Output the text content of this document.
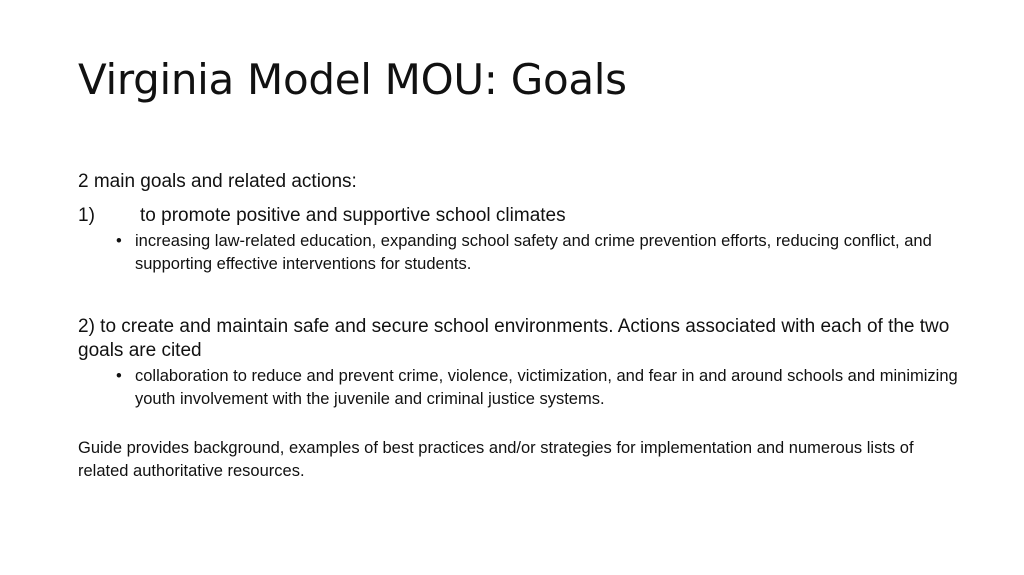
Virginia Model MOU: Goals

2 main goals and related actions:

1) to promote positive and supportive school climates

• increasing law-related education, expanding school safety and crime prevention efforts, reducing conflict, and supporting effective interventions for students.

2) to create and maintain safe and secure school environments. Actions associated with each of the two goals are cited

• collaboration to reduce and prevent crime, violence, victimization, and fear in and around schools and minimizing youth involvement with the juvenile and criminal justice systems.

Guide provides background, examples of best practices and/or strategies for implementation and numerous lists of related authoritative resources.
